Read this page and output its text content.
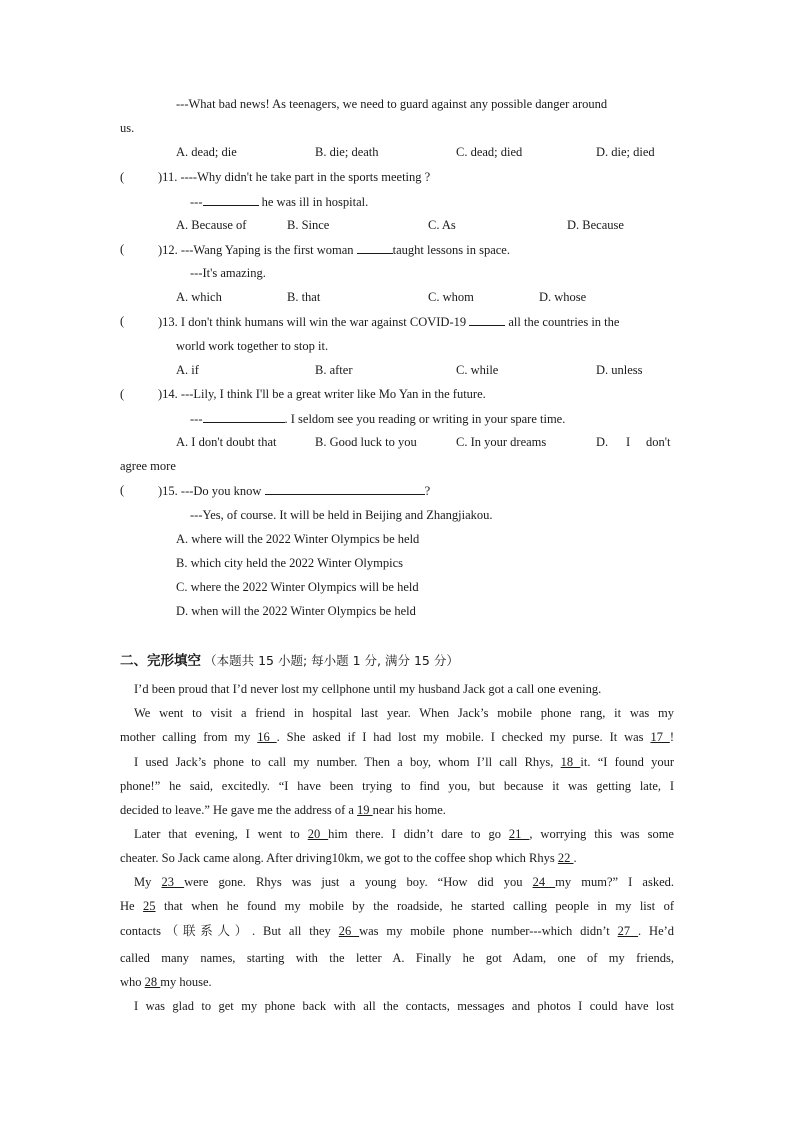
---What bad news! As teenagers, we need to guard against any possible danger around
us.
A. dead; die	B. die; death	C. dead; died	D. die; died
(	)11. ----Why didn't he take part in the sports meeting ?
---	he was ill in hospital.
A. Because of	B. Since	C. As	D. Because
(	)12. ---Wang Yaping is the first woman	taught lessons in space.
---It's amazing.
A. which	B. that	C. whom	D. whose
(	)13. I don't think humans will win the war against COVID-19	all the countries in the
world work together to stop it.
A. if	B. after	C. while	D. unless
(	)14. ---Lily, I think I'll be a great writer like Mo Yan in the future.
---	. I seldom see you reading or writing in your spare time.
A. I don't doubt that	B. Good luck to you	C. In your dreams	D. I don't
agree more
(	)15. ---Do you know	?
---Yes, of course. It will be held in Beijing and Zhangjiakou.
A. where will the 2022 Winter Olympics be held
B. which city held the 2022 Winter Olympics
C. where the 2022 Winter Olympics will be held
D. when will the 2022 Winter Olympics be held
二、完形填空 （本题共 15 小题; 每小题 1 分, 满分 15 分）
I’d been proud that I’d never lost my cellphone until my husband Jack got a call one evening.
We went to visit a friend in hospital last year. When Jack’s mobile phone rang, it was my
mother calling from my 16 . She asked if I had lost my mobile. I checked my purse. It was 17 !
I used Jack’s phone to call my number. Then a boy, whom I’ll call Rhys, 18 it. “I found your
phone!” he said, excitedly. “I have been trying to find you, but because it was getting late, I
decided to leave.” He gave me the address of a 19 near his home.
Later that evening, I went to 20 him there. I didn’t dare to go 21 , worrying this was some
cheater. So Jack came along. After driving10km, we got to the coffee shop which Rhys 22 .
My 23 were gone. Rhys was just a young boy. “How did you 24 my mum?” I asked.
He 25 that when he found my mobile by the roadside, he started calling people in my list of
contacts（联系人）. But all they 26 was my mobile phone number---which didn’t 27 . He’d
called many names, starting with the letter A. Finally he got Adam, one of my friends,
who 28 my house.
I was glad to get my phone back with all the contacts, messages and photos I could have lost
